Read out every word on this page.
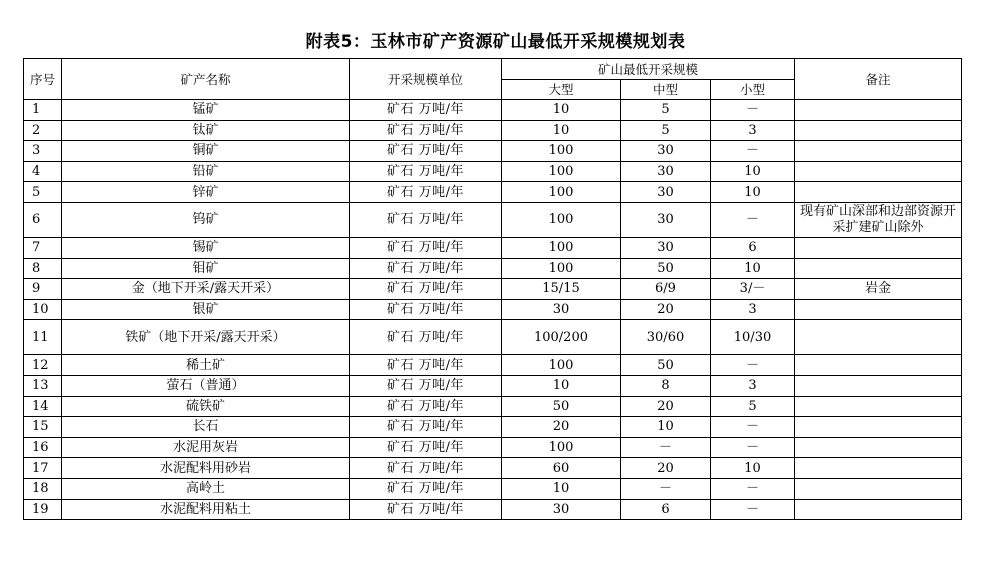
附表5：玉林市矿产资源矿山最低开采规模规划表
序号	矿产名称	开采规模单位	矿山最低开采规模			备注
			大型	中型	小型	
1	锰矿	矿石 万吨/年	10	5	－	
2	钛矿	矿石 万吨/年	10	5	3	
3	铜矿	矿石 万吨/年	100	30	－	
4	铅矿	矿石 万吨/年	100	30	10	
5	锌矿	矿石 万吨/年	100	30	10	
6	钨矿	矿石 万吨/年	100	30	－	现有矿山深部和边部资源开采扩建矿山除外
7	锡矿	矿石 万吨/年	100	30	6	
8	钼矿	矿石 万吨/年	100	50	10	
9	金（地下开采/露天开采）	矿石 万吨/年	15/15	6/9	3/－	岩金
10	银矿	矿石 万吨/年	30	20	3	
11	铁矿（地下开采/露天开采）	矿石 万吨/年	100/200	30/60	10/30	
12	稀土矿	矿石 万吨/年	100	50	－	
13	萤石（普通）	矿石 万吨/年	10	8	3	
14	硫铁矿	矿石 万吨/年	50	20	5	
15	长石	矿石 万吨/年	20	10	－	
16	水泥用灰岩	矿石 万吨/年	100	－	－	
17	水泥配料用砂岩	矿石 万吨/年	60	20	10	
18	高岭土	矿石 万吨/年	10	－	－	
19	水泥配料用粘土	矿石 万吨/年	30	6	－	
